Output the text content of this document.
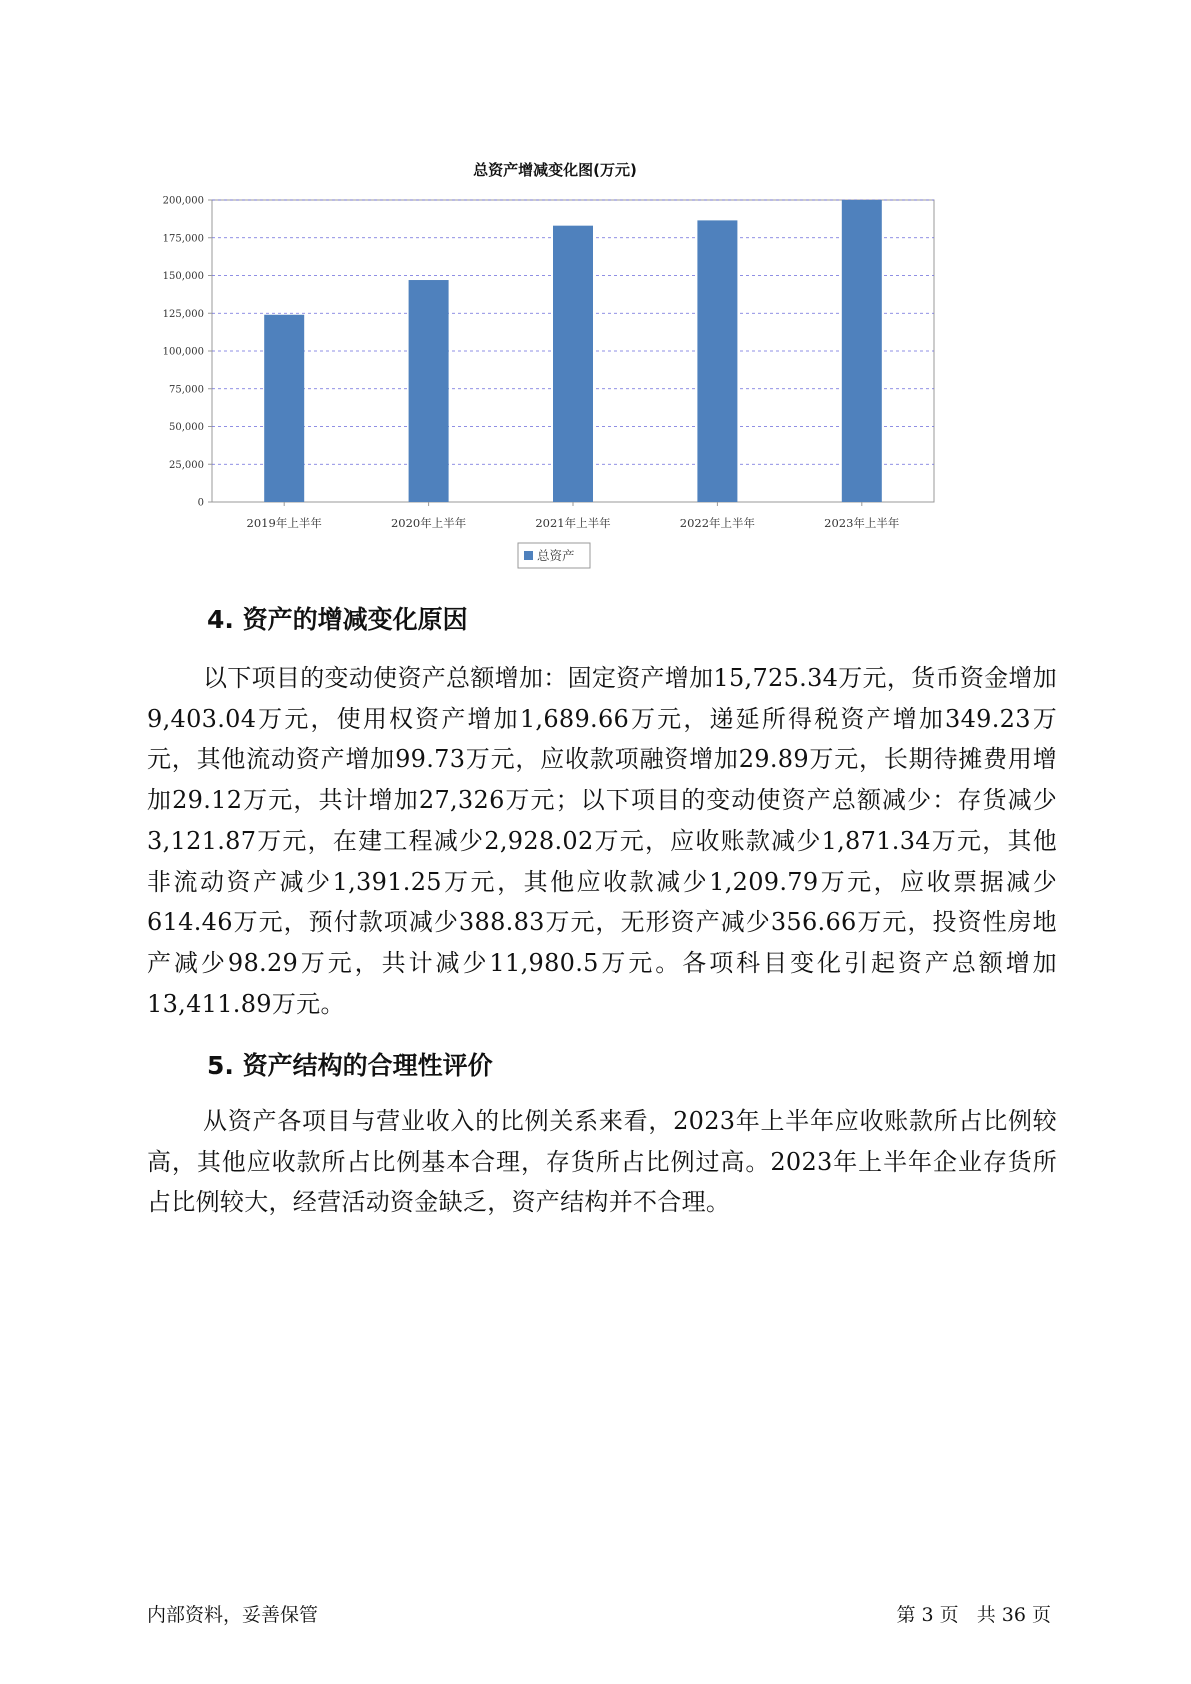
总资产增减变化图(万元)
0
25,000
50,000
75,000
100,000
125,000
150,000
175,000
200,000
2019年上半年	2020年上半年	2021年上半年	2022年上半年	2023年上半年
总资产
4. 资产的增减变化原因

以下项目的变动使资产总额增加：固定资产增加15,725.34万元，货币资金增加9,403.04万元，使用权资产增加1,689.66万元，递延所得税资产增加349.23万元，其他流动资产增加99.73万元，应收款项融资增加29.89万元，长期待摊费用增加29.12万元，共计增加27,326万元；以下项目的变动使资产总额减少：存货减少3,121.87万元，在建工程减少2,928.02万元，应收账款减少1,871.34万元，其他非流动资产减少1,391.25万元，其他应收款减少1,209.79万元，应收票据减少614.46万元，预付款项减少388.83万元，无形资产减少356.66万元，投资性房地产减少98.29万元，共计减少11,980.5万元。各项科目变化引起资产总额增加13,411.89万元。

5. 资产结构的合理性评价

从资产各项目与营业收入的比例关系来看，2023年上半年应收账款所占比例较高，其他应收款所占比例基本合理，存货所占比例过高。2023年上半年企业存货所占比例较大，经营活动资金缺乏，资产结构并不合理。

内部资料，妥善保管	第 3 页   共 36 页
